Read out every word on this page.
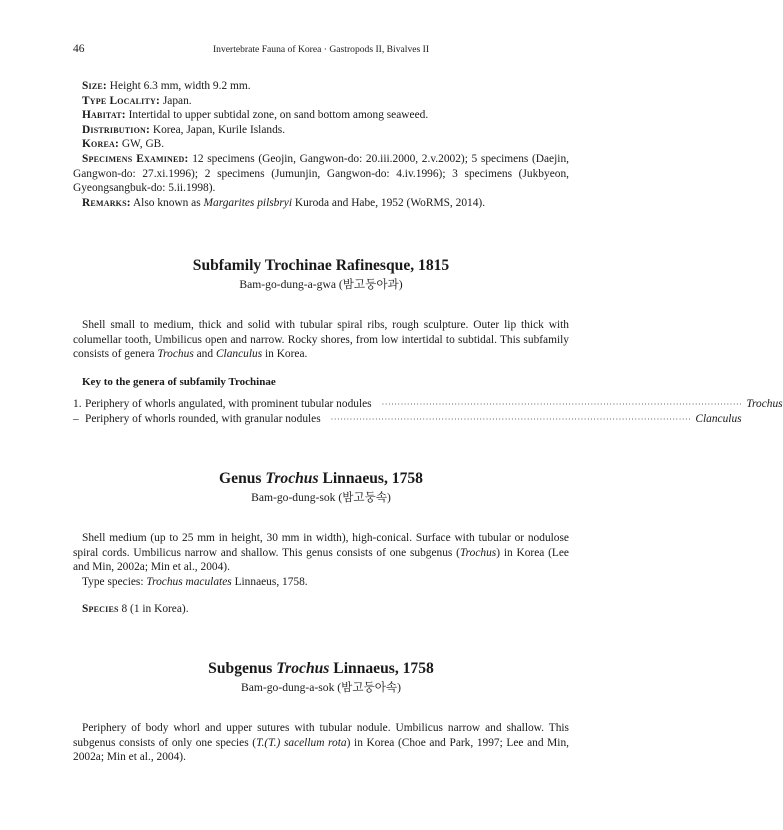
46	Invertebrate Fauna of Korea · Gastropods II, Bivalves II

Size: Height 6.3 mm, width 9.2 mm.

Type Locality: Japan.

Habitat: Intertidal to upper subtidal zone, on sand bottom among seaweed.

Distribution: Korea, Japan, Kurile Islands.

Korea: GW, GB.

Specimens Examined: 12 specimens (Geojin, Gangwon-do: 20.iii.2000, 2.v.2002); 5 specimens (Daejin, Gangwon-do: 27.xi.1996); 2 specimens (Jumunjin, Gangwon-do: 4.iv.1996); 3 specimens (Jukbyeon, Gyeongsangbuk-do: 5.ii.1998).

Remarks: Also known as Margarites pilsbryi Kuroda and Habe, 1952 (WoRMS, 2014).

Subfamily Trochinae Rafinesque, 1815

Bam-go-dung-a-gwa (밤고둥아과)

Shell small to medium, thick and solid with tubular spiral ribs, rough sculpture. Outer lip thick with columellar tooth, Umbilicus open and narrow. Rocky shores, from low intertidal to subtidal. This subfamily consists of genera Trochus and Clanculus in Korea.

Key to the genera of subfamily Trochinae

1. Periphery of whorls angulated, with prominent tubular nodules ·················································································································· Trochus
– Periphery of whorls rounded, with granular nodules ·················································································································· Clanculus

Genus Trochus Linnaeus, 1758

Bam-go-dung-sok (밤고둥속)

Shell medium (up to 25 mm in height, 30 mm in width), high-conical. Surface with tubular or nodulose spiral cords. Umbilicus narrow and shallow. This genus consists of one subgenus (Trochus) in Korea (Lee and Min, 2002a; Min et al., 2004).

Type species: Trochus maculates Linnaeus, 1758.

Species 8 (1 in Korea).

Subgenus Trochus Linnaeus, 1758

Bam-go-dung-a-sok (밤고둥아속)

Periphery of body whorl and upper sutures with tubular nodule. Umbilicus narrow and shallow. This subgenus consists of only one species (T.(T.) sacellum rota) in Korea (Choe and Park, 1997; Lee and Min, 2002a; Min et al., 2004).
